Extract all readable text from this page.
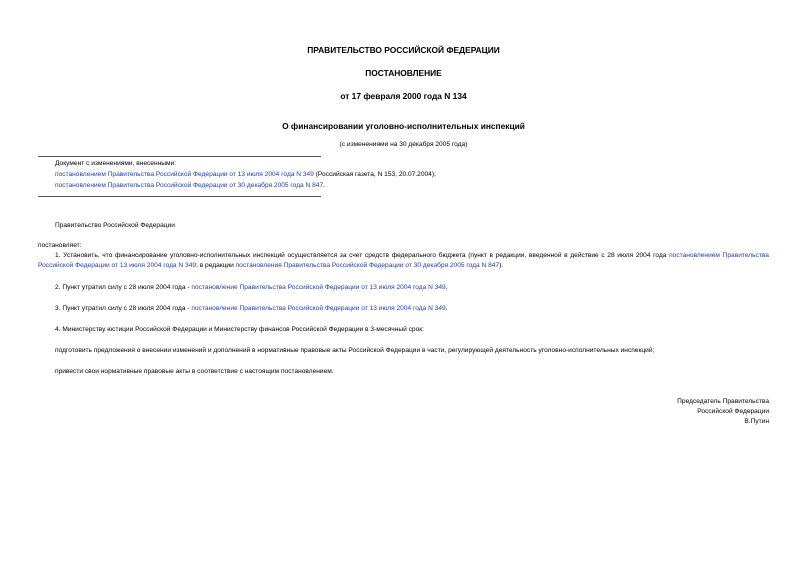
ПРАВИТЕЛЬСТВО РОССИЙСКОЙ ФЕДЕРАЦИИ
ПОСТАНОВЛЕНИЕ
от 17 февраля 2000 года N 134
О финансировании уголовно-исполнительных инспекций
(с изменениями на 30 декабря 2005 года)
Документ с изменениями, внесенными:
постановлением Правительства Российской Федерации от 13 июля 2004 года N 349 (Российская газета, N 153, 20.07.2004);
постановлением Правительства Российской Федерации от 30 декабря 2005 года N 847.
Правительство Российской Федерации
постановляет:
1. Установить, что финансирование уголовно-исполнительных инспекций осуществляется за счет средств федерального бюджета (пункт в редакции, введенной в действие с 28 июля 2004 года постановлением Правительства Российской Федерации от 13 июля 2004 года N 349; в редакции постановления Правительства Российской Федерации от 30 декабря 2005 года N 847).
2. Пункт утратил силу с 28 июля 2004 года - постановление Правительства Российской Федерации от 13 июля 2004 года N 349.
3. Пункт утратил силу с 28 июля 2004 года - постановление Правительства Российской Федерации от 13 июля 2004 года N 349.
4. Министерству юстиции Российской Федерации и Министерству финансов Российской Федерации в 3-месячный срок:
подготовить предложения о внесении изменений и дополнений в нормативные правовые акты Российской Федерации в части, регулирующей деятельность уголовно-исполнительных инспекций;
привести свои нормативные правовые акты в соответствие с настоящим постановлением.
Председатель Правительства
Российской Федерации
В.Путин
